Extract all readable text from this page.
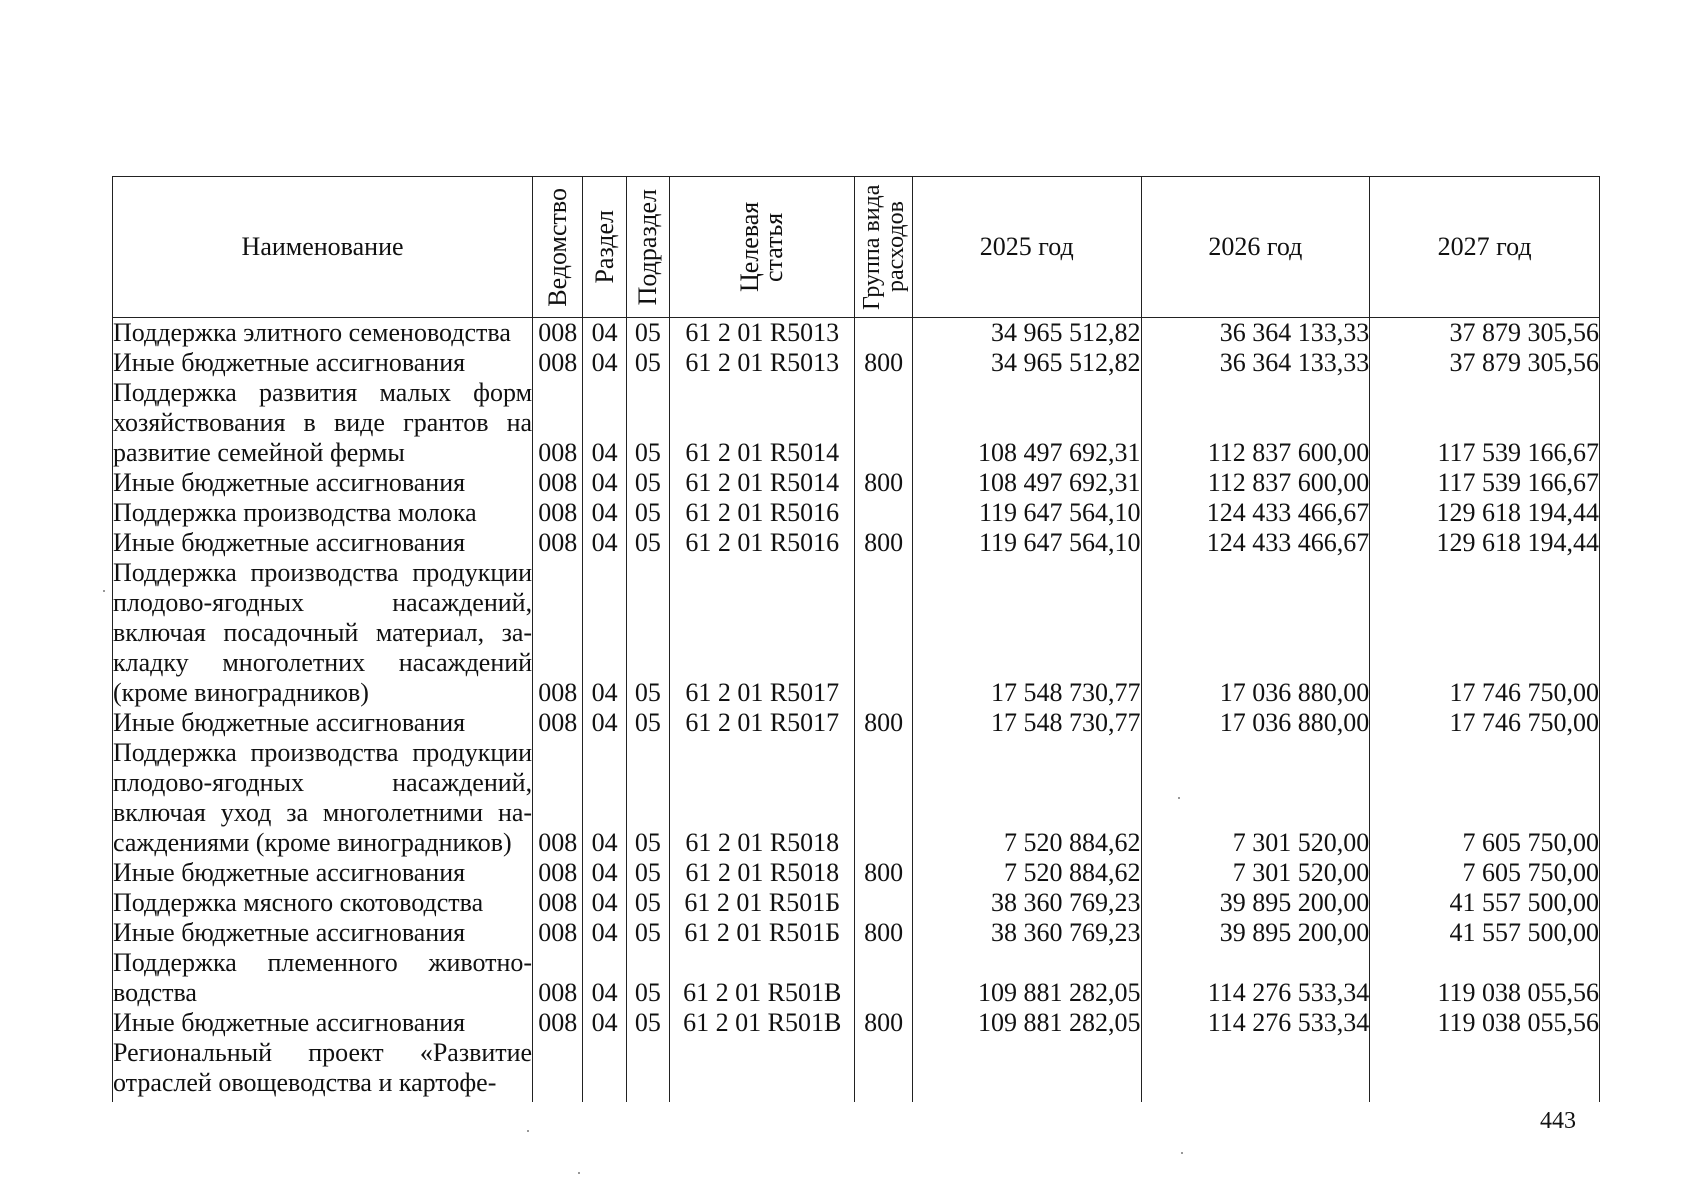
Наименование	Ведомство	Раздел	Подраздел	Целевая статья	Группа вида расходов	2025 год	2026 год	2027 год
Поддержка элитного семеноводства	008	04	05	61 2 01 R5013		34 965 512,82	36 364 133,33	37 879 305,56
Иные бюджетные ассигнования	008	04	05	61 2 01 R5013	800	34 965 512,82	36 364 133,33	37 879 305,56
Поддержка развития малых форм хозяйствования в виде грантов на развитие семейной фермы	008	04	05	61 2 01 R5014		108 497 692,31	112 837 600,00	117 539 166,67
Иные бюджетные ассигнования	008	04	05	61 2 01 R5014	800	108 497 692,31	112 837 600,00	117 539 166,67
Поддержка производства молока	008	04	05	61 2 01 R5016		119 647 564,10	124 433 466,67	129 618 194,44
Иные бюджетные ассигнования	008	04	05	61 2 01 R5016	800	119 647 564,10	124 433 466,67	129 618 194,44
Поддержка производства продукции плодово-ягодных насаждений, включая посадочный материал, закладку многолетних насаждений (кроме виноградников)	008	04	05	61 2 01 R5017		17 548 730,77	17 036 880,00	17 746 750,00
Иные бюджетные ассигнования	008	04	05	61 2 01 R5017	800	17 548 730,77	17 036 880,00	17 746 750,00
Поддержка производства продукции плодово-ягодных насаждений, включая уход за многолетними насаждениями (кроме виноградников)	008	04	05	61 2 01 R5018		7 520 884,62	7 301 520,00	7 605 750,00
Иные бюджетные ассигнования	008	04	05	61 2 01 R5018	800	7 520 884,62	7 301 520,00	7 605 750,00
Поддержка мясного скотоводства	008	04	05	61 2 01 R501Б		38 360 769,23	39 895 200,00	41 557 500,00
Иные бюджетные ассигнования	008	04	05	61 2 01 R501Б	800	38 360 769,23	39 895 200,00	41 557 500,00
Поддержка племенного животноводства	008	04	05	61 2 01 R501В		109 881 282,05	114 276 533,34	119 038 055,56
Иные бюджетные ассигнования	008	04	05	61 2 01 R501В	800	109 881 282,05	114 276 533,34	119 038 055,56
Региональный проект «Развитие отраслей овощеводства и картофе-								
443
